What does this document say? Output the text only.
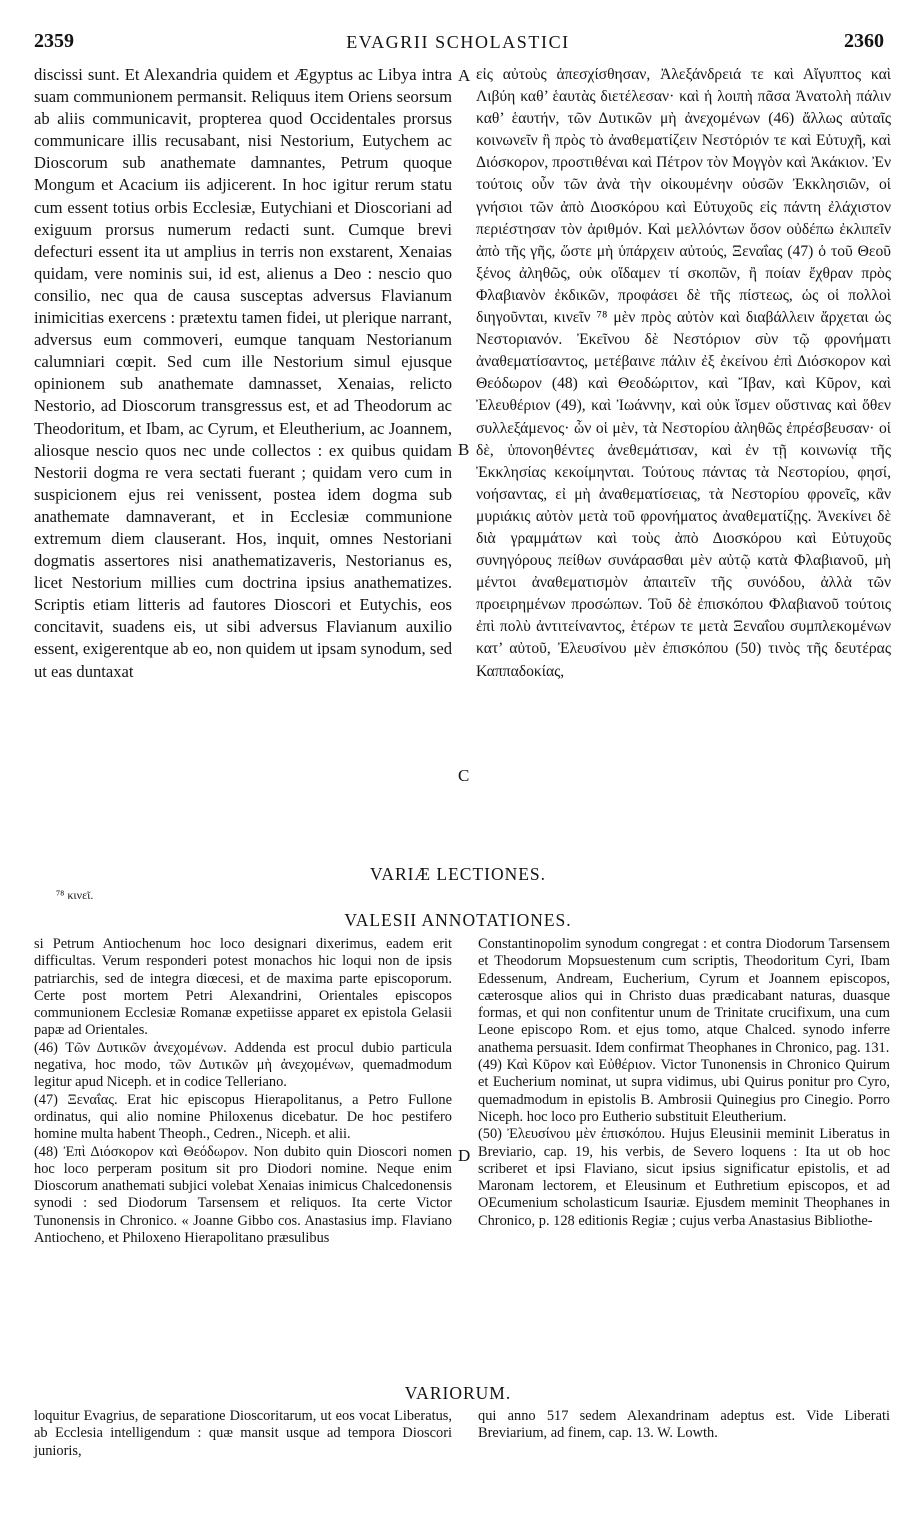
2359	EVAGRII SCHOLASTICI	2360

discissi sunt. Et Alexandria quidem et Ægyptus ac Libya intra suam communionem permansit. Reliquus item Oriens seorsum ab aliis communicavit, propterea quod Occidentales prorsus communicare illis recusabant, nisi Nestorium, Eutychem ac Dioscorum sub anathemate damnantes, Petrum quoque Mongum et Acacium iis adjicerent. In hoc igitur rerum statu cum essent totius orbis Ecclesiæ, Eutychiani et Dioscoriani ad exiguum prorsus numerum redacti sunt. Cumque brevi defecturi essent ita ut amplius in terris non exstarent, Xenaias quidam, vere nominis sui, id est, alienus a Deo : nescio quo consilio, nec qua de causa susceptas adversus Flavianum inimicitias exercens : prætextu tamen fidei, ut plerique narrant, adversus eum commoveri, eumque tanquam Nestorianum calumniari cœpit. Sed cum ille Nestorium simul ejusque opinionem sub anathemate damnasset, Xenaias, relicto Nestorio, ad Dioscorum transgressus est, et ad Theodorum ac Theodoritum, et Ibam, ac Cyrum, et Eleutherium, ac Joannem, aliosque nescio quos nec unde collectos : ex quibus quidam Nestorii dogma re vera sectati fuerant ; quidam vero cum in suspicionem ejus rei venissent, postea idem dogma sub anathemate damnaverant, et in Ecclesiæ communione extremum diem clauserant. Hos, inquit, omnes Nestoriani dogmatis assertores nisi anathematizaveris, Nestorianus es, licet Nestorium millies cum doctrina ipsius anathematizes. Scriptis etiam litteris ad fautores Dioscori et Eutychis, eos concitavit, suadens eis, ut sibi adversus Flavianum auxilio essent, exigerentque ab eo, non quidem ut ipsam synodum, sed ut eas duntaxat

A
B
C

εἰς αὐτοὺς ἀπεσχίσθησαν, Ἀλεξάνδρειά τε καὶ Αἴγυπτος καὶ Λιβύη καθ’ ἑαυτὰς διετέλεσαν· καὶ ἡ λοιπὴ πᾶσα Ἀνατολὴ πάλιν καθ’ ἑαυτήν, τῶν Δυτικῶν μὴ ἀνεχομένων (46) ἄλλως αὐταῖς κοινωνεῖν ἢ πρὸς τὸ ἀναθεματίζειν Νεστόριόν τε καὶ Εὐτυχῆ, καὶ Διόσκορον, προστιθέναι καὶ Πέτρον τὸν Μογγὸν καὶ Ἀκάκιον. Ἐν τούτοις οὖν τῶν ἀνὰ τὴν οἰκουμένην οὐσῶν Ἐκκλησιῶν, οἱ γνήσιοι τῶν ἀπὸ Διοσκόρου καὶ Εὐτυχοῦς εἰς πάντη ἐλάχιστον περιέστησαν τὸν ἀριθμόν. Καὶ μελλόντων ὅσον οὐδέπω ἐκλιπεῖν ἀπὸ τῆς γῆς, ὥστε μὴ ὑπάρχειν αὐτούς, Ξεναΐας (47) ὁ τοῦ Θεοῦ ξένος ἀληθῶς, οὐκ οἴδαμεν τί σκοπῶν, ἢ ποίαν ἔχθραν πρὸς Φλαβιανὸν ἐκδικῶν, προφάσει δὲ τῆς πίστεως, ὡς οἱ πολλοὶ διηγοῦνται, κινεῖν ⁷⁸ μὲν πρὸς αὐτὸν καὶ διαβάλλειν ἄρχεται ὡς Νεστοριανόν. Ἐκεῖνου δὲ Νεστόριον σὺν τῷ φρονήματι ἀναθεματίσαντος, μετέβαινε πάλιν ἐξ ἐκείνου ἐπὶ Διόσκορον καὶ Θεόδωρον (48) καὶ Θεοδώριτον, καὶ Ἴβαν, καὶ Κῦρον, καὶ Ἐλευθέριον (49), καὶ Ἰωάννην, καὶ οὐκ ἴσμεν οὕστινας καὶ ὅθεν συλλεξάμενος· ὧν οἱ μὲν, τὰ Νεστορίου ἀληθῶς ἐπρέσβευσαν· οἱ δὲ, ὑπονοηθέντες ἀνεθεμάτισαν, καὶ ἐν τῇ κοινωνίᾳ τῆς Ἐκκλησίας κεκοίμηνται. Τούτους πάντας τὰ Νεστορίου, φησί, νοήσαντας, εἰ μὴ ἀναθεματίσειας, τὰ Νεστορίου φρονεῖς, κἂν μυριάκις αὐτὸν μετὰ τοῦ φρονήματος ἀναθεματίζῃς. Ἀνεκίνει δὲ διὰ γραμμάτων καὶ τοὺς ἀπὸ Διοσκόρου καὶ Εὐτυχοῦς συνηγόρους πείθων συνάρασθαι μὲν αὐτῷ κατὰ Φλαβιανοῦ, μὴ μέντοι ἀναθεματισμὸν ἀπαιτεῖν τῆς συνόδου, ἀλλὰ τῶν προειρημένων προσώπων. Τοῦ δὲ ἐπισκόπου Φλαβιανοῦ τούτοις ἐπὶ πολὺ ἀντιτείναντος, ἑτέρων τε μετὰ Ξεναΐου συμπλεκομένων κατ’ αὐτοῦ, Ἐλευσίνου μὲν ἐπισκόπου (50) τινὸς τῆς δευτέρας Καππαδοκίας,

VARIÆ LECTIONES.
⁷⁸ κινεῖ.
VALESII ANNOTATIONES.

si Petrum Antiochenum hoc loco designari dixerimus, eadem erit difficultas. Verum responderi potest monachos hic loqui non de ipsis patriarchis, sed de integra diœcesi, et de maxima parte episcoporum. Certe post mortem Petri Alexandrini, Orientales episcopos communionem Ecclesiæ Romanæ expetiisse apparet ex epistola Gelasii papæ ad Orientales.

(46) Τῶν Δυτικῶν ἀνεχομένων. Addenda est procul dubio particula negativa, hoc modo, τῶν Δυτικῶν μὴ ἀνεχομένων, quemadmodum legitur apud Niceph. et in codice Telleriano.

(47) Ξεναΐας. Erat hic episcopus Hierapolitanus, a Petro Fullone ordinatus, qui alio nomine Philoxenus dicebatur. De hoc pestifero homine multa habent Theoph., Cedren., Niceph. et alii.

(48) Ἐπὶ Διόσκορον καὶ Θεόδωρον. Non dubito quin Dioscori nomen hoc loco perperam positum sit pro Diodori nomine. Neque enim Dioscorum anathemati subjici volebat Xenaias inimicus Chalcedonensis synodi : sed Diodorum Tarsensem et reliquos. Ita certe Victor Tunonensis in Chronico. « Joanne Gibbo cos. Anastasius imp. Flaviano Antiocheno, et Philoxeno Hierapolitano præsulibus

D

Constantinopolim synodum congregat : et contra Diodorum Tarsensem et Theodorum Mopsuestenum cum scriptis, Theodoritum Cyri, Ibam Edessenum, Andream, Eucherium, Cyrum et Joannem episcopos, cæterosque alios qui in Christo duas prædicabant naturas, duasque formas, et qui non confitentur unum de Trinitate crucifixum, una cum Leone episcopo Rom. et ejus tomo, atque Chalced. synodo inferre anathema persuasit. Idem confirmat Theophanes in Chronico, pag. 131.

(49) Καὶ Κῦρον καὶ Εὐθέριον. Victor Tunonensis in Chronico Quirum et Eucherium nominat, ut supra vidimus, ubi Quirus ponitur pro Cyro, quemadmodum in epistolis B. Ambrosii Quinegius pro Cinegio. Porro Niceph. hoc loco pro Eutherio substituit Eleutherium.

(50) Ἐλευσίνου μὲν ἐπισκόπου. Hujus Eleusinii meminit Liberatus in Breviario, cap. 19, his verbis, de Severo loquens : Ita ut ob hoc scriberet et ipsi Flaviano, sicut ipsius significatur epistolis, et ad Maronam lectorem, et Eleusinum et Euthretium episcopos, et ad OEcumenium scholasticum Isauriæ. Ejusdem meminit Theophanes in Chronico, p. 128 editionis Regiæ ; cujus verba Anastasius Bibliothe-

VARIORUM.

loquitur Evagrius, de separatione Dioscoritarum, ut eos vocat Liberatus, ab Ecclesia intelligendum : quæ mansit usque ad tempora Dioscori junioris,

qui anno 517 sedem Alexandrinam adeptus est. Vide Liberati Breviarium, ad finem, cap. 13. W. Lowth.
